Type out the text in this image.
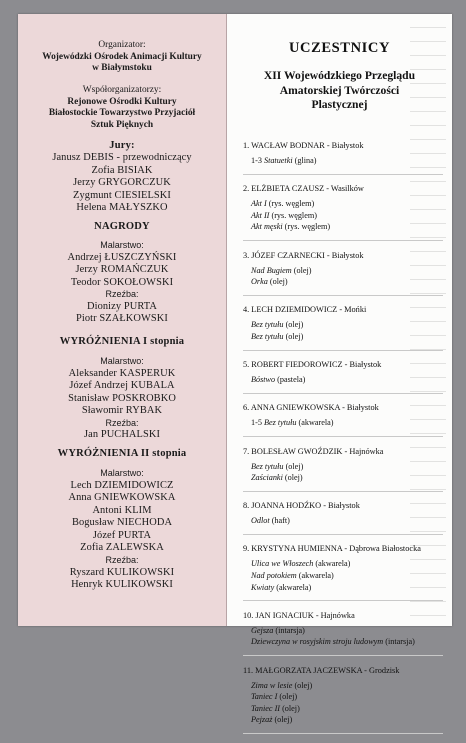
Organizator:
Wojewódzki Ośrodek Animacji Kultury
w Białymstoku
Współorganizatorzy:
Rejonowe Ośrodki Kultury
Białostockie Towarzystwo Przyjaciół
Sztuk Pięknych
Jury:
Janusz DEBIS - przewodniczący
Zofia BISIAK
Jerzy GRYGORCZUK
Zygmunt CIESIELSKI
Helena MAŁYSZKO
NAGRODY
Malarstwo:
Andrzej ŁUSZCZYŃSKI
Jerzy ROMAŃCZUK
Teodor SOKOŁOWSKI
Rzeźba:
Dionizy PURTA
Piotr SZAŁKOWSKI
WYRÓŻNIENIA I stopnia
Malarstwo:
Aleksander KASPERUK
Józef Andrzej KUBALA
Stanisław POSKROBKO
Sławomir RYBAK
Rzeźba:
Jan PUCHALSKI
WYRÓŻNIENIA II stopnia
Malarstwo:
Lech DZIEMIDOWICZ
Anna GNIEWKOWSKA
Antoni KLIM
Bogusław NIECHODA
Józef PURTA
Zofia ZALEWSKA
Rzeźba:
Ryszard KULIKOWSKI
Henryk KULIKOWSKI
UCZESTNICY
XII Wojewódzkiego Przeglądu
Amatorskiej Twórczości
Plastycznej
1. WACŁAW BODNAR - Białystok
1-3 Statuetki (glina)
2. ELŻBIETA CZAUSZ - Wasilków
Akt I (rys. węglem)
Akt II (rys. węglem)
Akt męski (rys. węglem)
3. JÓZEF CZARNECKI - Białystok
Nad Bugiem (olej)
Orka (olej)
4. LECH DZIEMIDOWICZ - Mońki
Bez tytułu (olej)
Bez tytułu (olej)
5. ROBERT FIEDOROWICZ - Białystok
Bóstwo (pastela)
6. ANNA GNIEWKOWSKA - Białystok
1-5 Bez tytułu (akwarela)
7. BOLESŁAW GWOŹDZIK - Hajnówka
Bez tytułu (olej)
Zaścianki (olej)
8. JOANNA HODŹKO - Białystok
Odlot (haft)
9. KRYSTYNA HUMIENNA - Dąbrowa Białostocka
Ulica we Włoszech (akwarela)
Nad potokiem (akwarela)
Kwiaty (akwarela)
10. JAN IGNACIUK - Hajnówka
Gejsza (intarsja)
Dziewczyna w rosyjskim stroju ludowym (intarsja)
11. MAŁGORZATA JACZEWSKA - Grodzisk
Zima w lesie (olej)
Taniec I (olej)
Taniec II (olej)
Pejzaż (olej)
